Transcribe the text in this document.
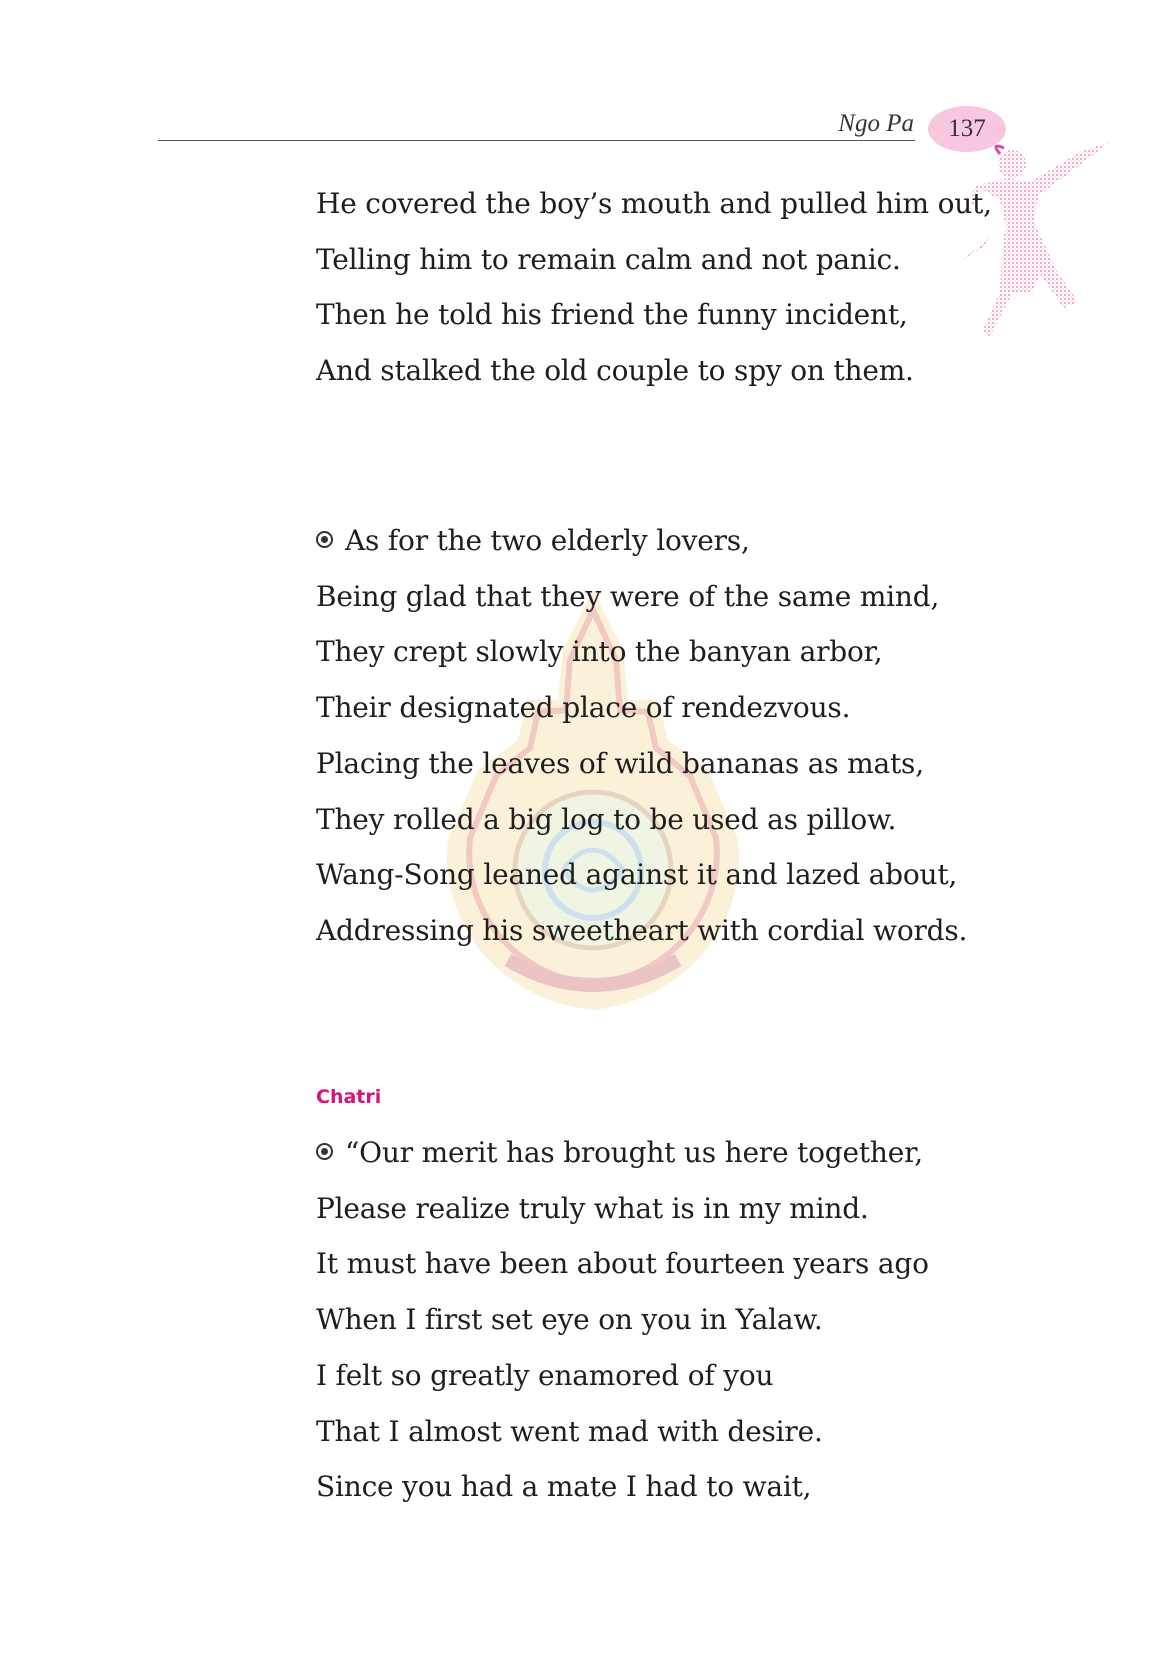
Ngo Pa 137
He covered the boy’s mouth and pulled him out,
Telling him to remain calm and not panic.
Then he told his friend the funny incident,
And stalked the old couple to spy on them.
As for the two elderly lovers,
Being glad that they were of the same mind,
They crept slowly into the banyan arbor,
Their designated place of rendezvous.
Placing the leaves of wild bananas as mats,
They rolled a big log to be used as pillow.
Wang-Song leaned against it and lazed about,
Addressing his sweetheart with cordial words.
Chatri
“Our merit has brought us here together,
Please realize truly what is in my mind.
It must have been about fourteen years ago
When I first set eye on you in Yalaw.
I felt so greatly enamored of you
That I almost went mad with desire.
Since you had a mate I had to wait,
